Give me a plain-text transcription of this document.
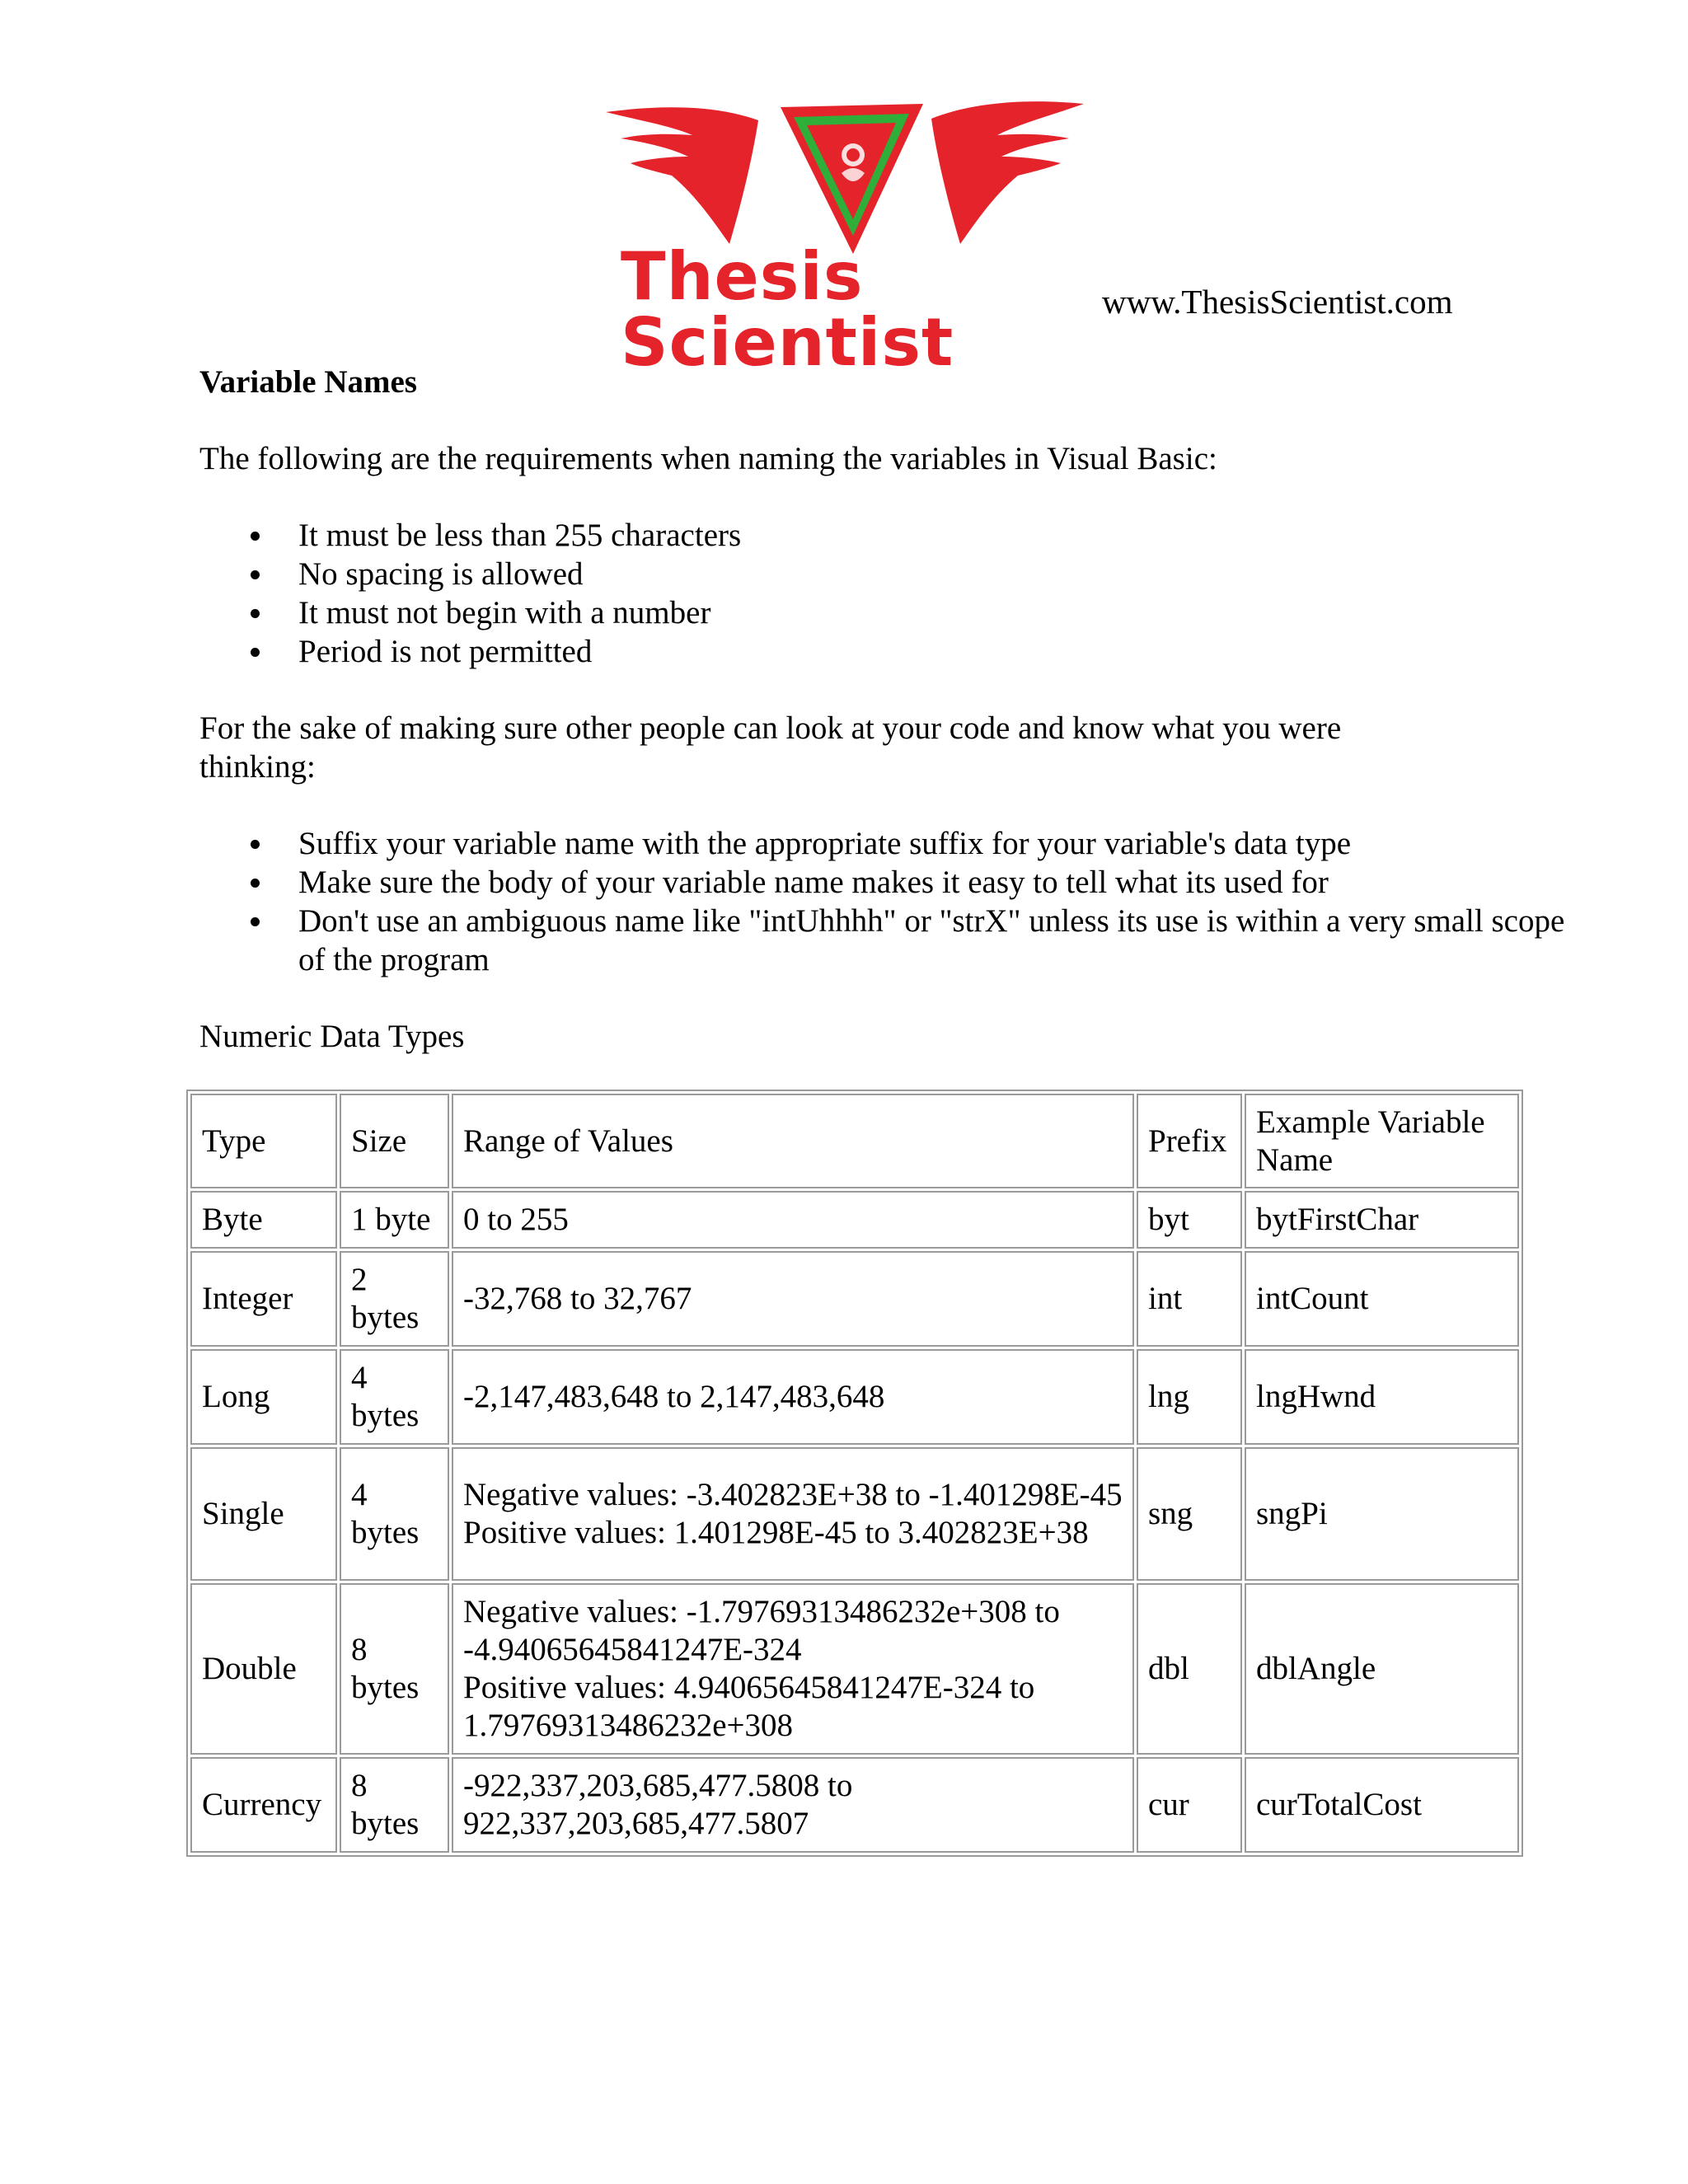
Thesis Scientist
www.ThesisScientist.com

Variable Names

The following are the requirements when naming the variables in Visual Basic:

It must be less than 255 characters
No spacing is allowed
It must not begin with a number
Period is not permitted

For the sake of making sure other people can look at your code and know what you were thinking:

Suffix your variable name with the appropriate suffix for your variable's data type
Make sure the body of your variable name makes it easy to tell what its used for
Don't use an ambiguous name like "intUhhhh" or "strX" unless its use is within a very small scope of the program

Numeric Data Types

Type	Size	Range of Values	Prefix	Example Variable Name
Byte	1 byte	0 to 255	byt	bytFirstChar
Integer	2 bytes	-32,768 to 32,767	int	intCount
Long	4 bytes	-2,147,483,648 to 2,147,483,648	lng	lngHwnd
Single	4 bytes	Negative values: -3.402823E+38 to -1.401298E-45
Positive values: 1.401298E-45 to 3.402823E+38	sng	sngPi
Double	8 bytes	Negative values: -1.79769313486232e+308 to -4.94065645841247E-324
Positive values: 4.94065645841247E-324 to 1.79769313486232e+308	dbl	dblAngle
Currency	8 bytes	-922,337,203,685,477.5808 to 922,337,203,685,477.5807	cur	curTotalCost
